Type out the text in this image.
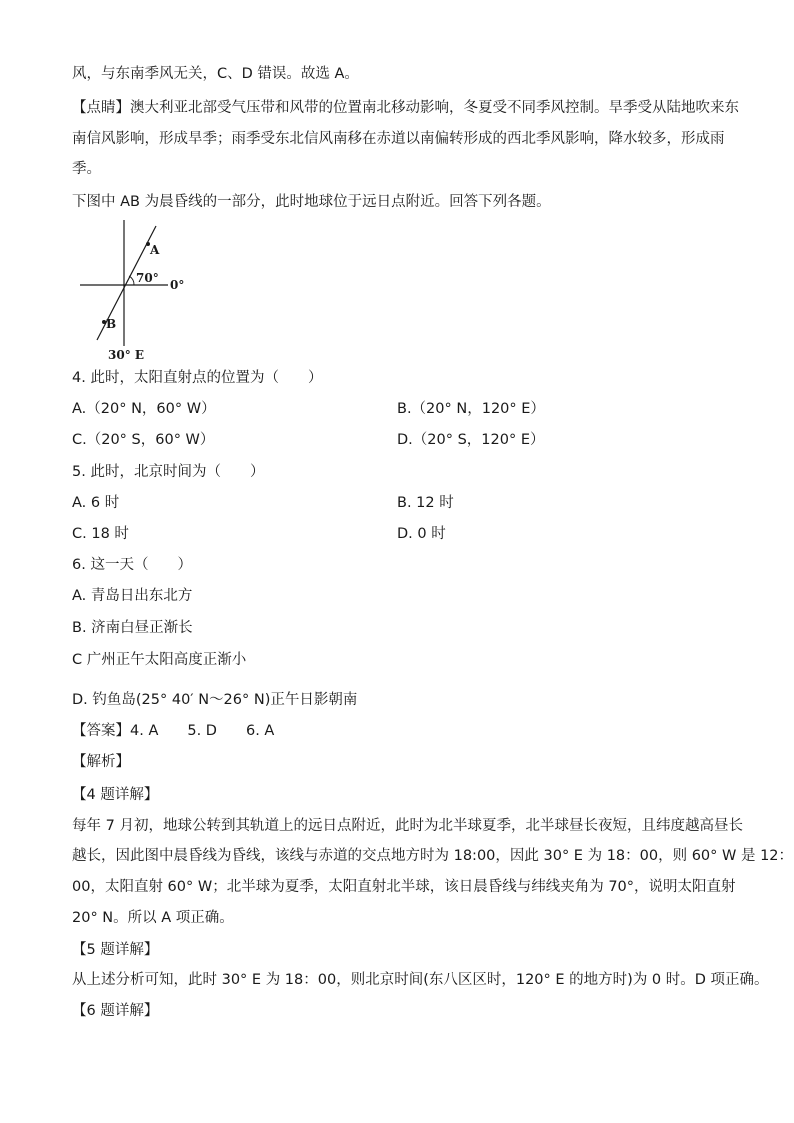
风，与东南季风无关，C、D 错误。故选 A。
【点睛】澳大利亚北部受气压带和风带的位置南北移动影响，冬夏受不同季风控制。旱季受从陆地吹来东
南信风影响，形成旱季；雨季受东北信风南移在赤道以南偏转形成的西北季风影响，降水较多，形成雨
季。
下图中 AB 为晨昏线的一部分，此时地球位于远日点附近。回答下列各题。
A
B
70° 0°
30° E
4. 此时，太阳直射点的位置为（　　）
A.（20° N，60° W）	B.（20° N，120° E）
C.（20° S，60° W）	D.（20° S，120° E）
5. 此时，北京时间为（　　）
A. 6 时	B. 12 时
C. 18 时	D. 0 时
6. 这一天（　　）
A. 青岛日出东北方
B. 济南白昼正渐长
C 广州正午太阳高度正渐小
D. 钓鱼岛(25° 40′ N～26° N)正午日影朝南
【答案】4. A　　5. D　　6. A
【解析】
【4 题详解】
每年 7 月初，地球公转到其轨道上的远日点附近，此时为北半球夏季，北半球昼长夜短，且纬度越高昼长
越长，因此图中晨昏线为昏线，该线与赤道的交点地方时为 18:00，因此 30° E 为 18：00，则 60° W 是 12：
00，太阳直射 60° W；北半球为夏季，太阳直射北半球，该日晨昏线与纬线夹角为 70°，说明太阳直射
20° N。所以 A 项正确。
【5 题详解】
从上述分析可知，此时 30° E 为 18：00，则北京时间(东八区区时，120° E 的地方时)为 0 时。D 项正确。
【6 题详解】
